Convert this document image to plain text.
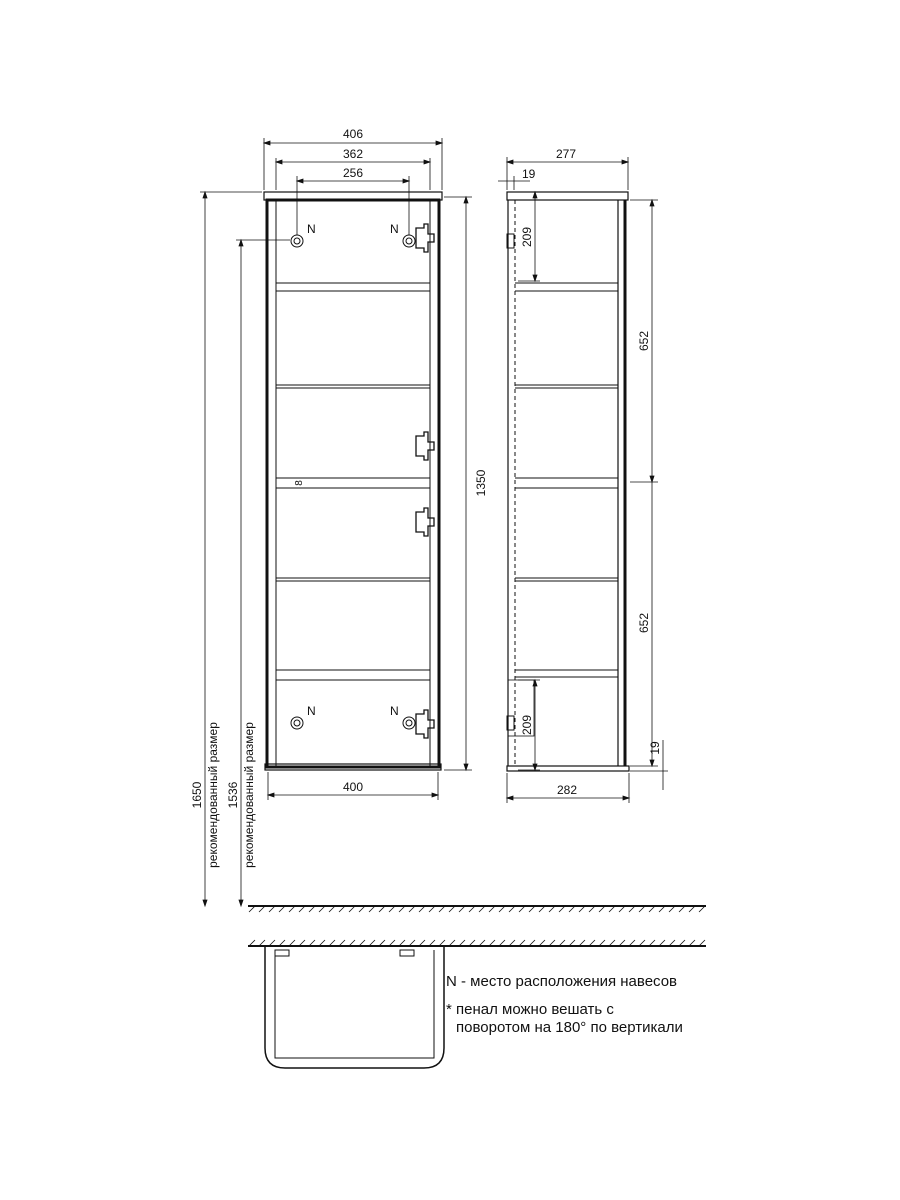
406
362
256
400
1350
8
1650 рекомендованный размер 1536 рекомендованный размер
N	N
N	N
277
19
209
652
652
209
19
282
N - место расположения навесов
* пенал можно вешать с
поворотом на 180° по вертикали
